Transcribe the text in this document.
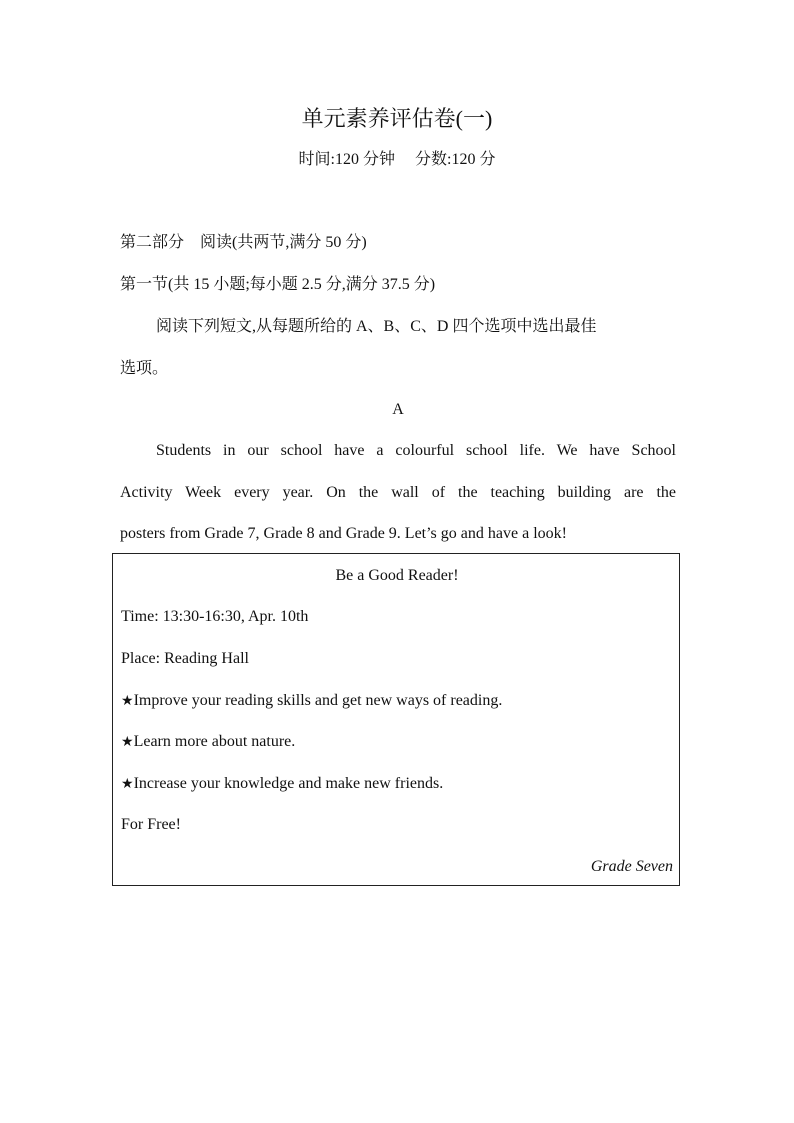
单元素养评估卷(一)
时间:120 分钟 分数:120 分
第二部分　阅读(共两节,满分 50 分)
第一节(共 15 小题;每小题 2.5 分,满分 37.5 分)
阅读下列短文,从每题所给的 A、B、C、D 四个选项中选出最佳
选项。
A
Students in our school have a colourful school life. We have School
Activity Week every year. On the wall of the teaching building are the
posters from Grade 7, Grade 8 and Grade 9. Let’s go and have a look!
Be a Good Reader!
Time: 13:30-16:30, Apr. 10th
Place: Reading Hall
★Improve your reading skills and get new ways of reading.
★Learn more about nature.
★Increase your knowledge and make new friends.
For Free!
Grade Seven
